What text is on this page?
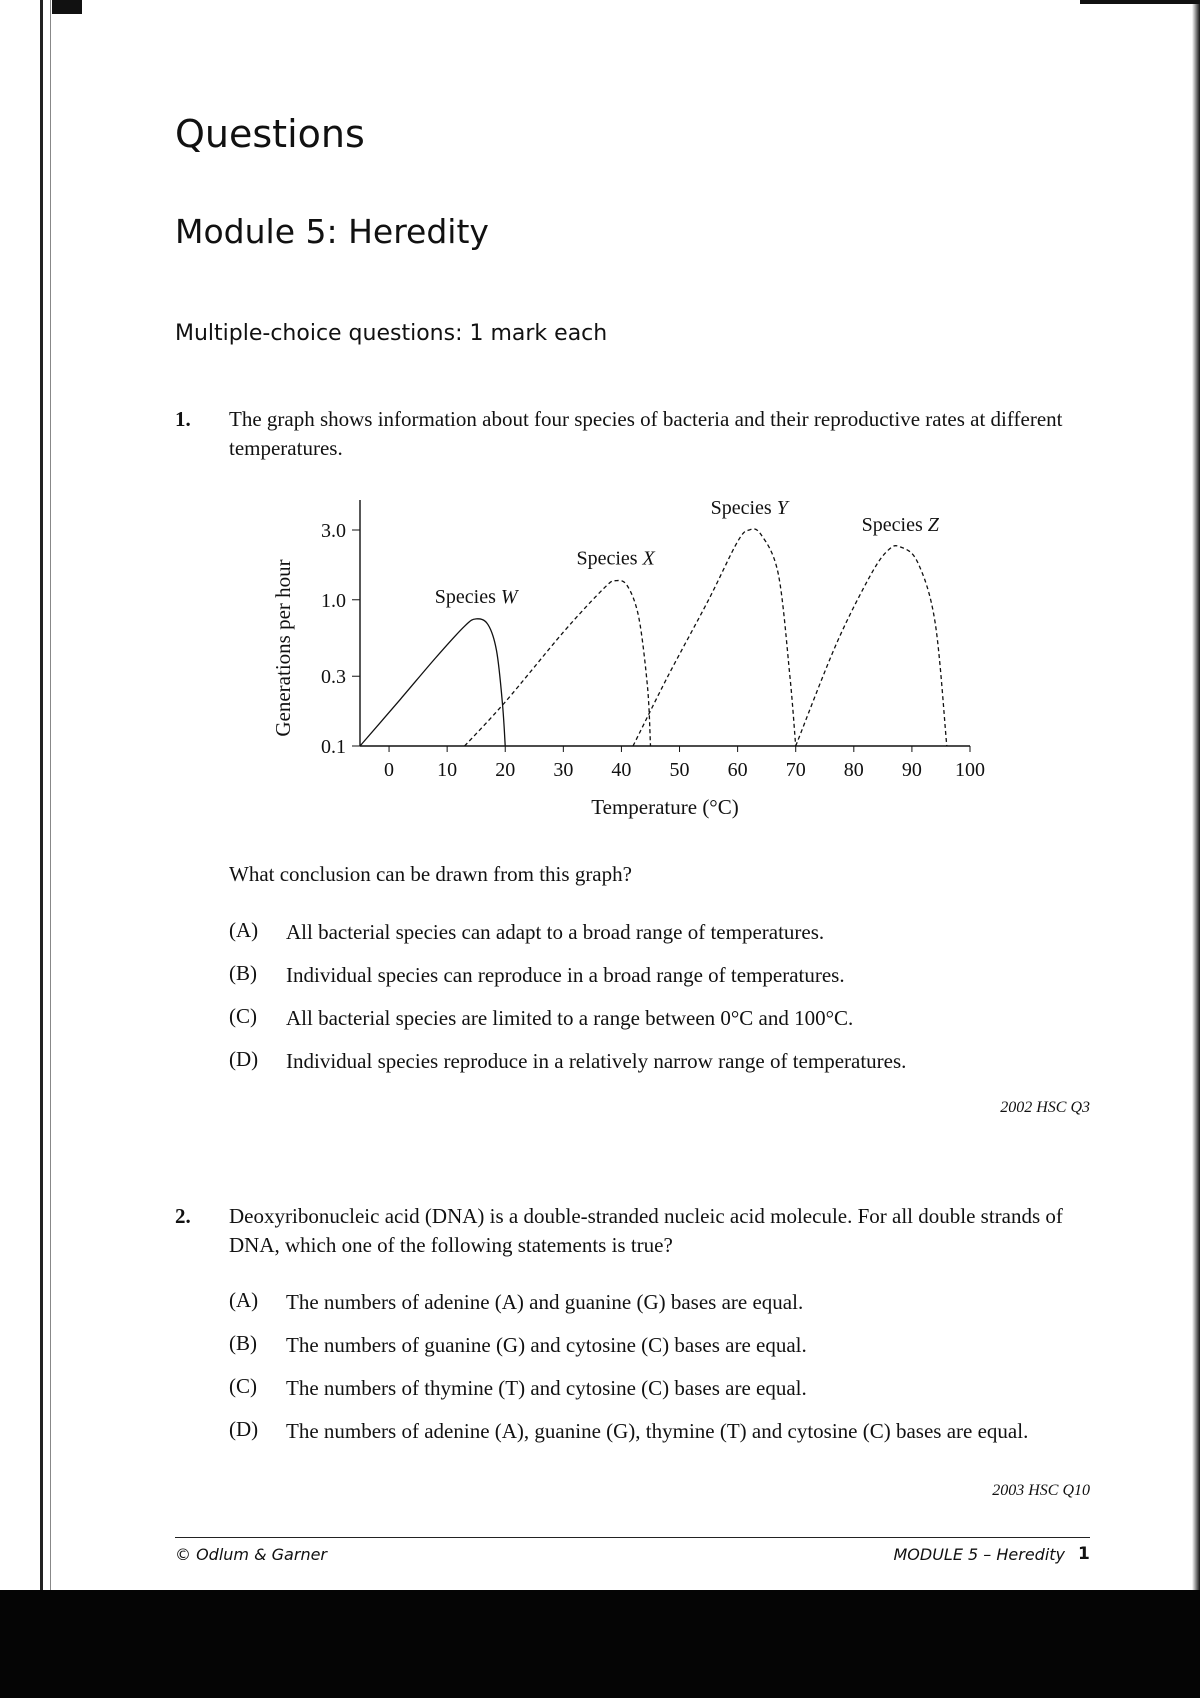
Questions
Module 5: Heredity
Multiple-choice questions: 1 mark each
1. The graph shows information about four species of bacteria and their reproductive rates at different temperatures.
0 10 20 30 40 50 60 70 80 90 100
0.1
0.3
1.0
3.0
Temperature (°C)
Generations per hour	Species W
Species X
Species Y
Species Z
What conclusion can be drawn from this graph?
(A) All bacterial species can adapt to a broad range of temperatures.
(B) Individual species can reproduce in a broad range of temperatures.
(C) All bacterial species are limited to a range between 0°C and 100°C.
(D) Individual species reproduce in a relatively narrow range of temperatures.
2002 HSC Q3
2. Deoxyribonucleic acid (DNA) is a double-stranded nucleic acid molecule. For all double strands of DNA, which one of the following statements is true?
(A) The numbers of adenine (A) and guanine (G) bases are equal.
(B) The numbers of guanine (G) and cytosine (C) bases are equal.
(C) The numbers of thymine (T) and cytosine (C) bases are equal.
(D) The numbers of adenine (A), guanine (G), thymine (T) and cytosine (C) bases are equal.
2003 HSC Q10
© Odlum & Garner	MODULE 5 – Heredity 1
